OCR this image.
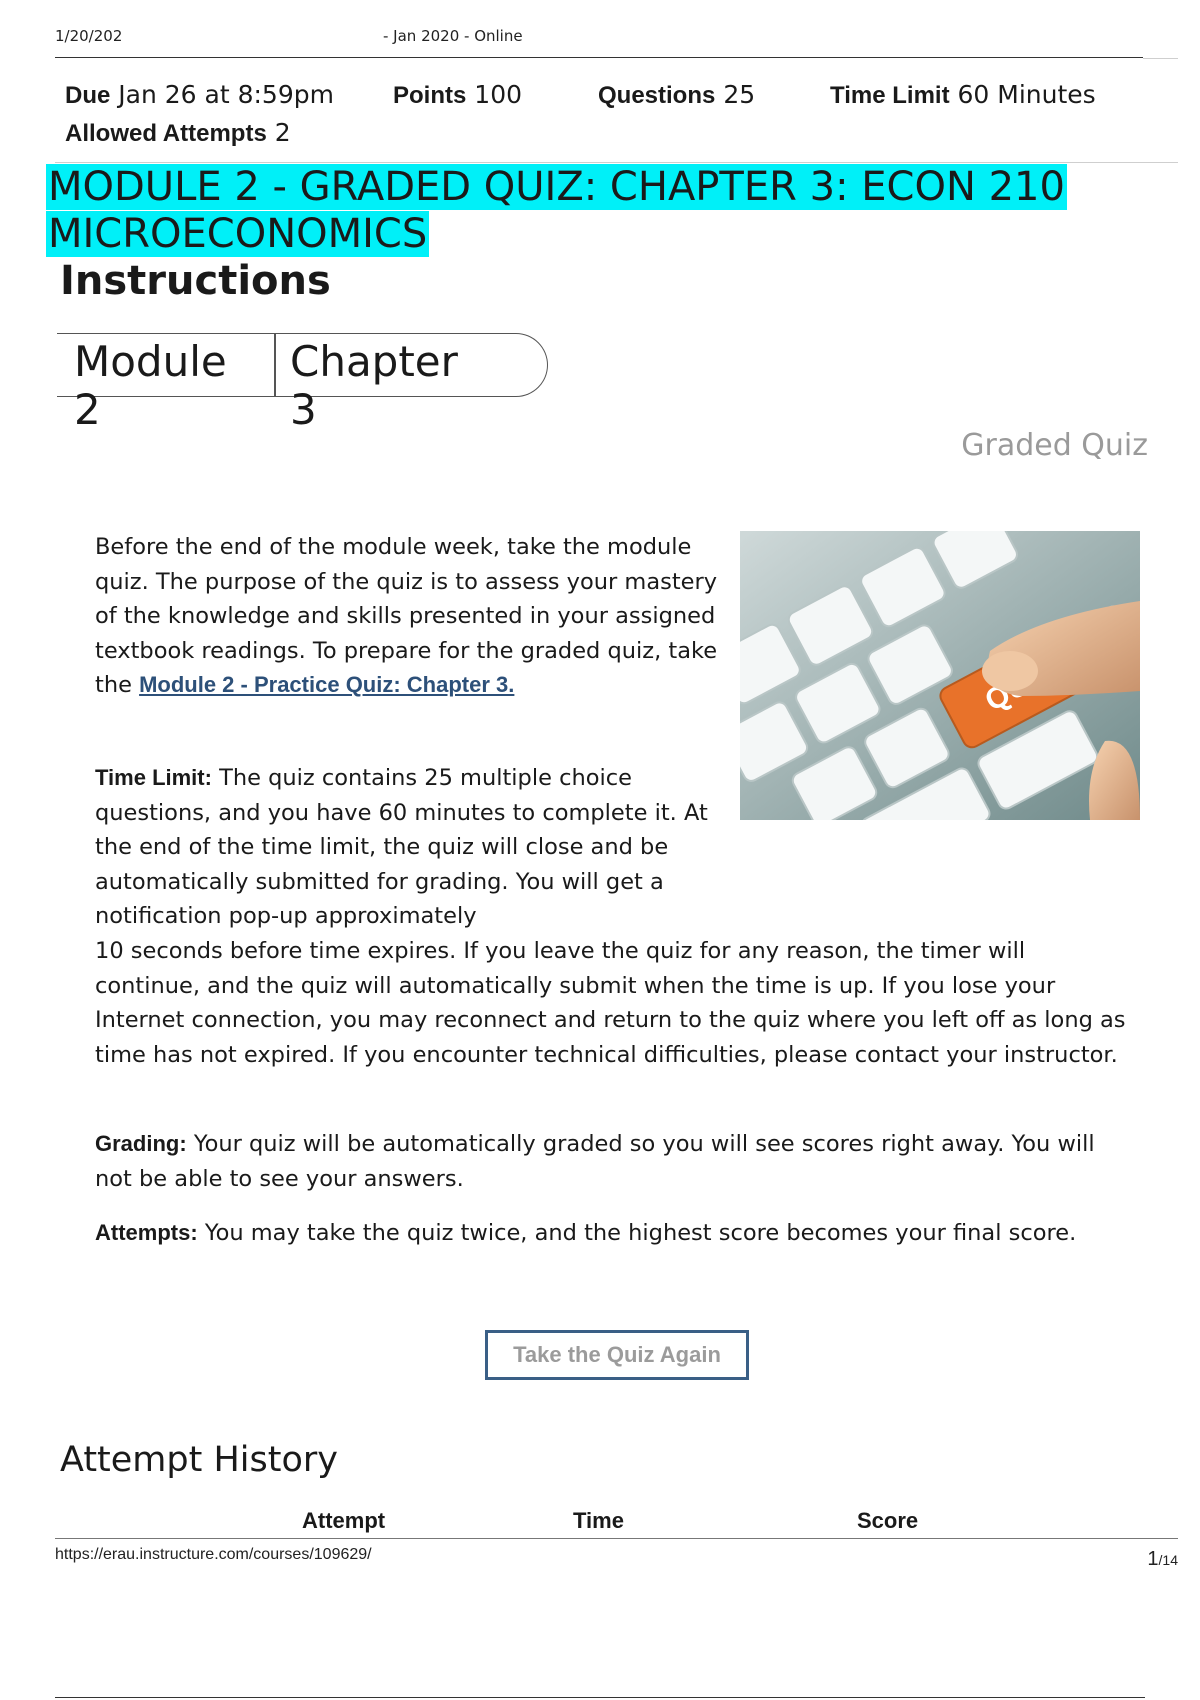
1/20/202	- Jan 2020 - Online
Due Jan 26 at 8:59pm Points 100	Questions 25	Time Limit 60 Minutes
Allowed Attempts 2
MODULE 2 - GRADED QUIZ: CHAPTER 3: ECON 210 MICROECONOMICS
Instructions
Module
2
Chapter
3
Graded Quiz
Before the end of the module week, take the module quiz. The purpose of the quiz is to assess your mastery of the knowledge and skills presented in your assigned textbook readings. To prepare for the graded quiz, take the Module 2 - Practice Quiz: Chapter 3.
Time Limit: The quiz contains 25 multiple choice questions, and you have 60 minutes to complete it. At the end of the time limit, the quiz will close and be automatically submitted for grading. You will get a notification pop-up approximately
10 seconds before time expires. If you leave the quiz for any reason, the timer will continue, and the quiz will automatically submit when the time is up. If you lose your Internet connection, you may reconnect and return to the quiz where you left off as long as time has not expired. If you encounter technical difficulties, please contact your instructor.
Grading: Your quiz will be automatically graded so you will see scores right away. You will not be able to see your answers.
Attempts: You may take the quiz twice, and the highest score becomes your final score.
Take the Quiz Again
Attempt History
Attempt	Time	Score
https://erau.instructure.com/courses/109629/	1/14
